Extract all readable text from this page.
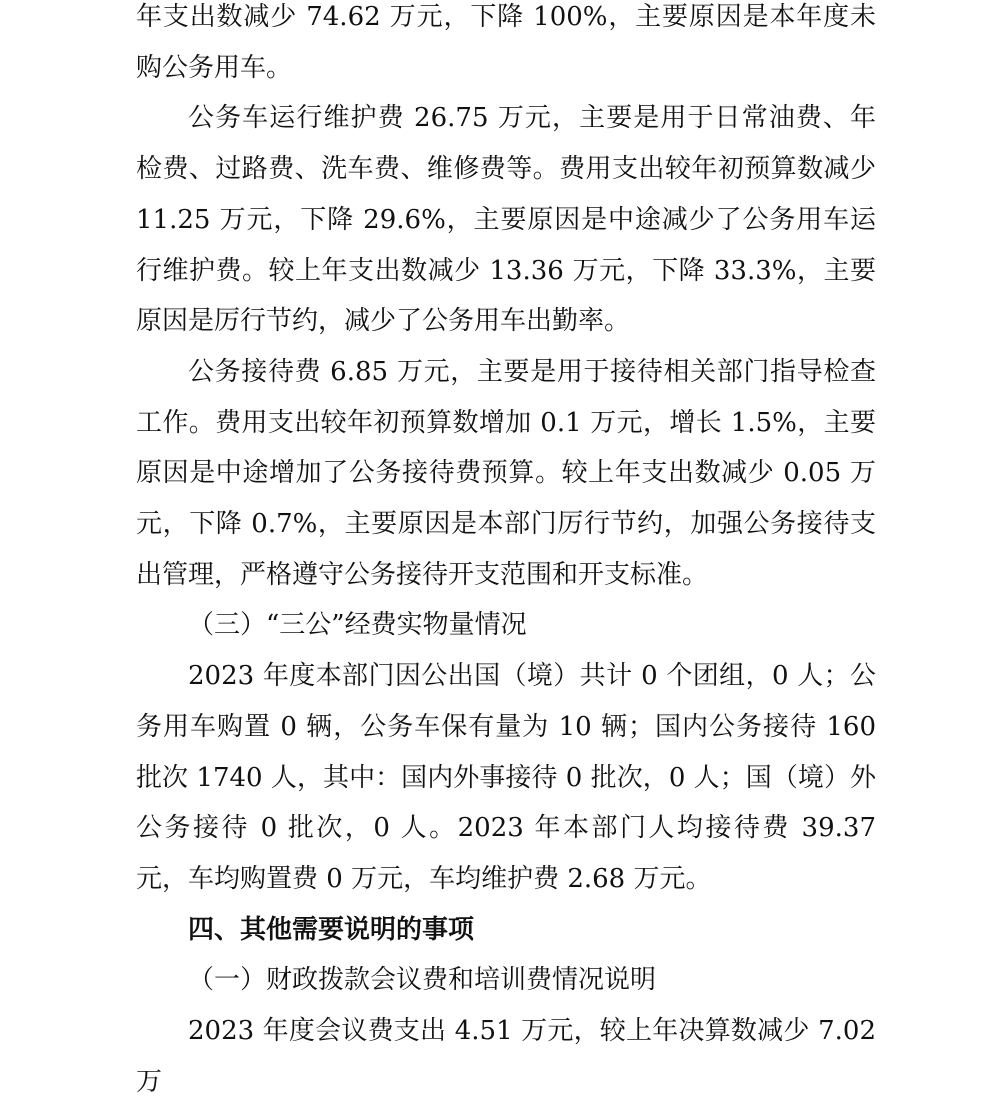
年支出数减少 74.62 万元，下降 100%，主要原因是本年度未购公务用车。

公务车运行维护费 26.75 万元，主要是用于日常油费、年检费、过路费、洗车费、维修费等。费用支出较年初预算数减少 11.25 万元，下降 29.6%，主要原因是中途减少了公务用车运行维护费。较上年支出数减少 13.36 万元，下降 33.3%，主要原因是厉行节约，减少了公务用车出勤率。

公务接待费 6.85 万元，主要是用于接待相关部门指导检查工作。费用支出较年初预算数增加 0.1 万元，增长 1.5%，主要原因是中途增加了公务接待费预算。较上年支出数减少 0.05 万元，下降 0.7%，主要原因是本部门厉行节约，加强公务接待支出管理，严格遵守公务接待开支范围和开支标准。

（三）“三公”经费实物量情况

2023 年度本部门因公出国（境）共计 0 个团组，0 人；公务用车购置 0 辆，公务车保有量为 10 辆；国内公务接待 160 批次 1740 人，其中：国内外事接待 0 批次，0 人；国（境）外公务接待 0 批次，0 人。2023 年本部门人均接待费 39.37 元，车均购置费 0 万元，车均维护费 2.68 万元。

四、其他需要说明的事项

（一）财政拨款会议费和培训费情况说明

2023 年度会议费支出 4.51 万元，较上年决算数减少 7.02 万
